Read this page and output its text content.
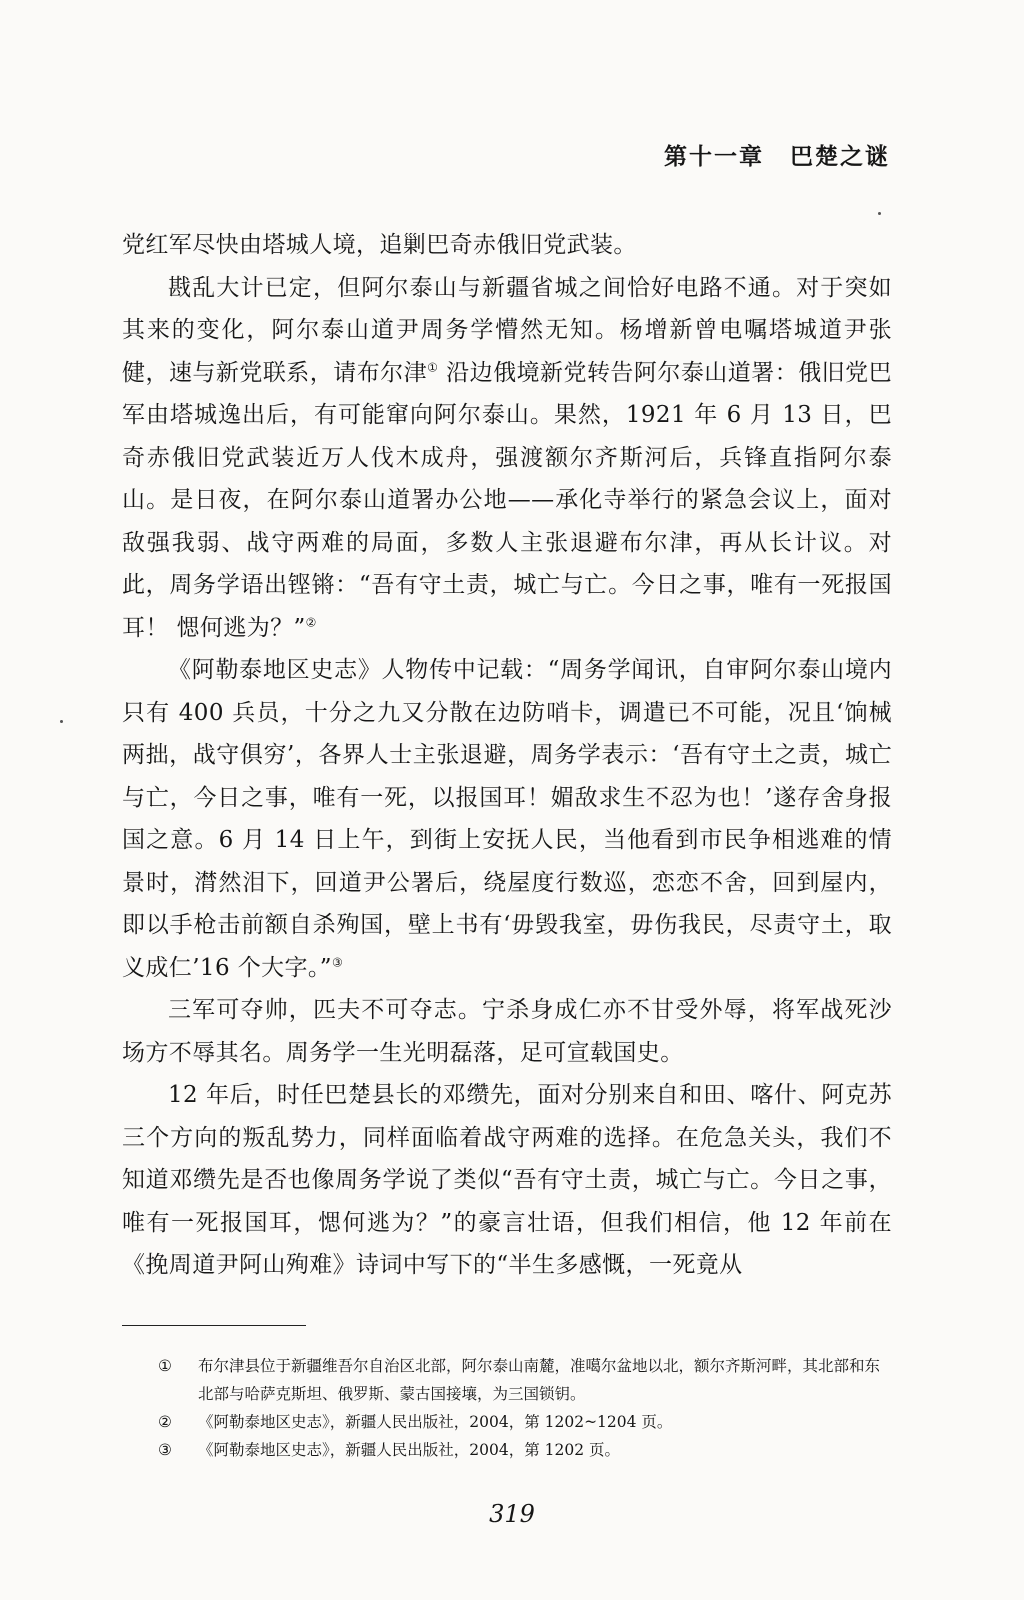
第十一章 巴楚之谜

党红军尽快由塔城人境，追剿巴奇赤俄旧党武装。

戡乱大计已定，但阿尔泰山与新疆省城之间恰好电路不通。对于突如其来的变化，阿尔泰山道尹周务学懵然无知。杨增新曾电嘱塔城道尹张健，速与新党联系，请布尔津① 沿边俄境新党转告阿尔泰山道署：俄旧党巴军由塔城逸出后，有可能窜向阿尔泰山。果然，1921 年 6 月 13 日，巴奇赤俄旧党武装近万人伐木成舟，强渡额尔齐斯河后，兵锋直指阿尔泰山。是日夜，在阿尔泰山道署办公地——承化寺举行的紧急会议上，面对敌强我弱、战守两难的局面，多数人主张退避布尔津，再从长计议。对此，周务学语出铿锵：“吾有守土责，城亡与亡。今日之事，唯有一死报国耳！ 愢何逃为？”②

《阿勒泰地区史志》人物传中记载：“周务学闻讯，自审阿尔泰山境内只有 400 兵员，十分之九又分散在边防哨卡，调遣已不可能，况且‘饷械两拙，战守俱穷’，各界人士主张退避，周务学表示：‘吾有守土之责，城亡与亡，今日之事，唯有一死，以报国耳！媚敌求生不忍为也！’遂存舍身报国之意。6 月 14 日上午，到街上安抚人民，当他看到市民争相逃难的情景时，潸然泪下，回道尹公署后，绕屋度行数巡，恋恋不舍，回到屋内，即以手枪击前额自杀殉国，壁上书有‘毋毁我室，毋伤我民，尽责守土，取义成仁’16 个大字。”③

三军可夺帅，匹夫不可夺志。宁杀身成仁亦不甘受外辱，将军战死沙场方不辱其名。周务学一生光明磊落，足可宣载国史。

12 年后，时任巴楚县长的邓缵先，面对分别来自和田、喀什、阿克苏三个方向的叛乱势力，同样面临着战守两难的选择。在危急关头，我们不知道邓缵先是否也像周务学说了类似“吾有守土责，城亡与亡。今日之事，唯有一死报国耳，愢何逃为？”的豪言壮语，但我们相信，他 12 年前在《挽周道尹阿山殉难》诗词中写下的“半生多感慨，一死竟从

①	布尔津县位于新疆维吾尔自治区北部，阿尔泰山南麓，准噶尔盆地以北，额尔齐斯河畔，其北部和东北部与哈萨克斯坦、俄罗斯、蒙古国接壤，为三国锁钥。
②	《阿勒泰地区史志》，新疆人民出版社，2004，第 1202~1204 页。
③	《阿勒泰地区史志》，新疆人民出版社，2004，第 1202 页。
319
